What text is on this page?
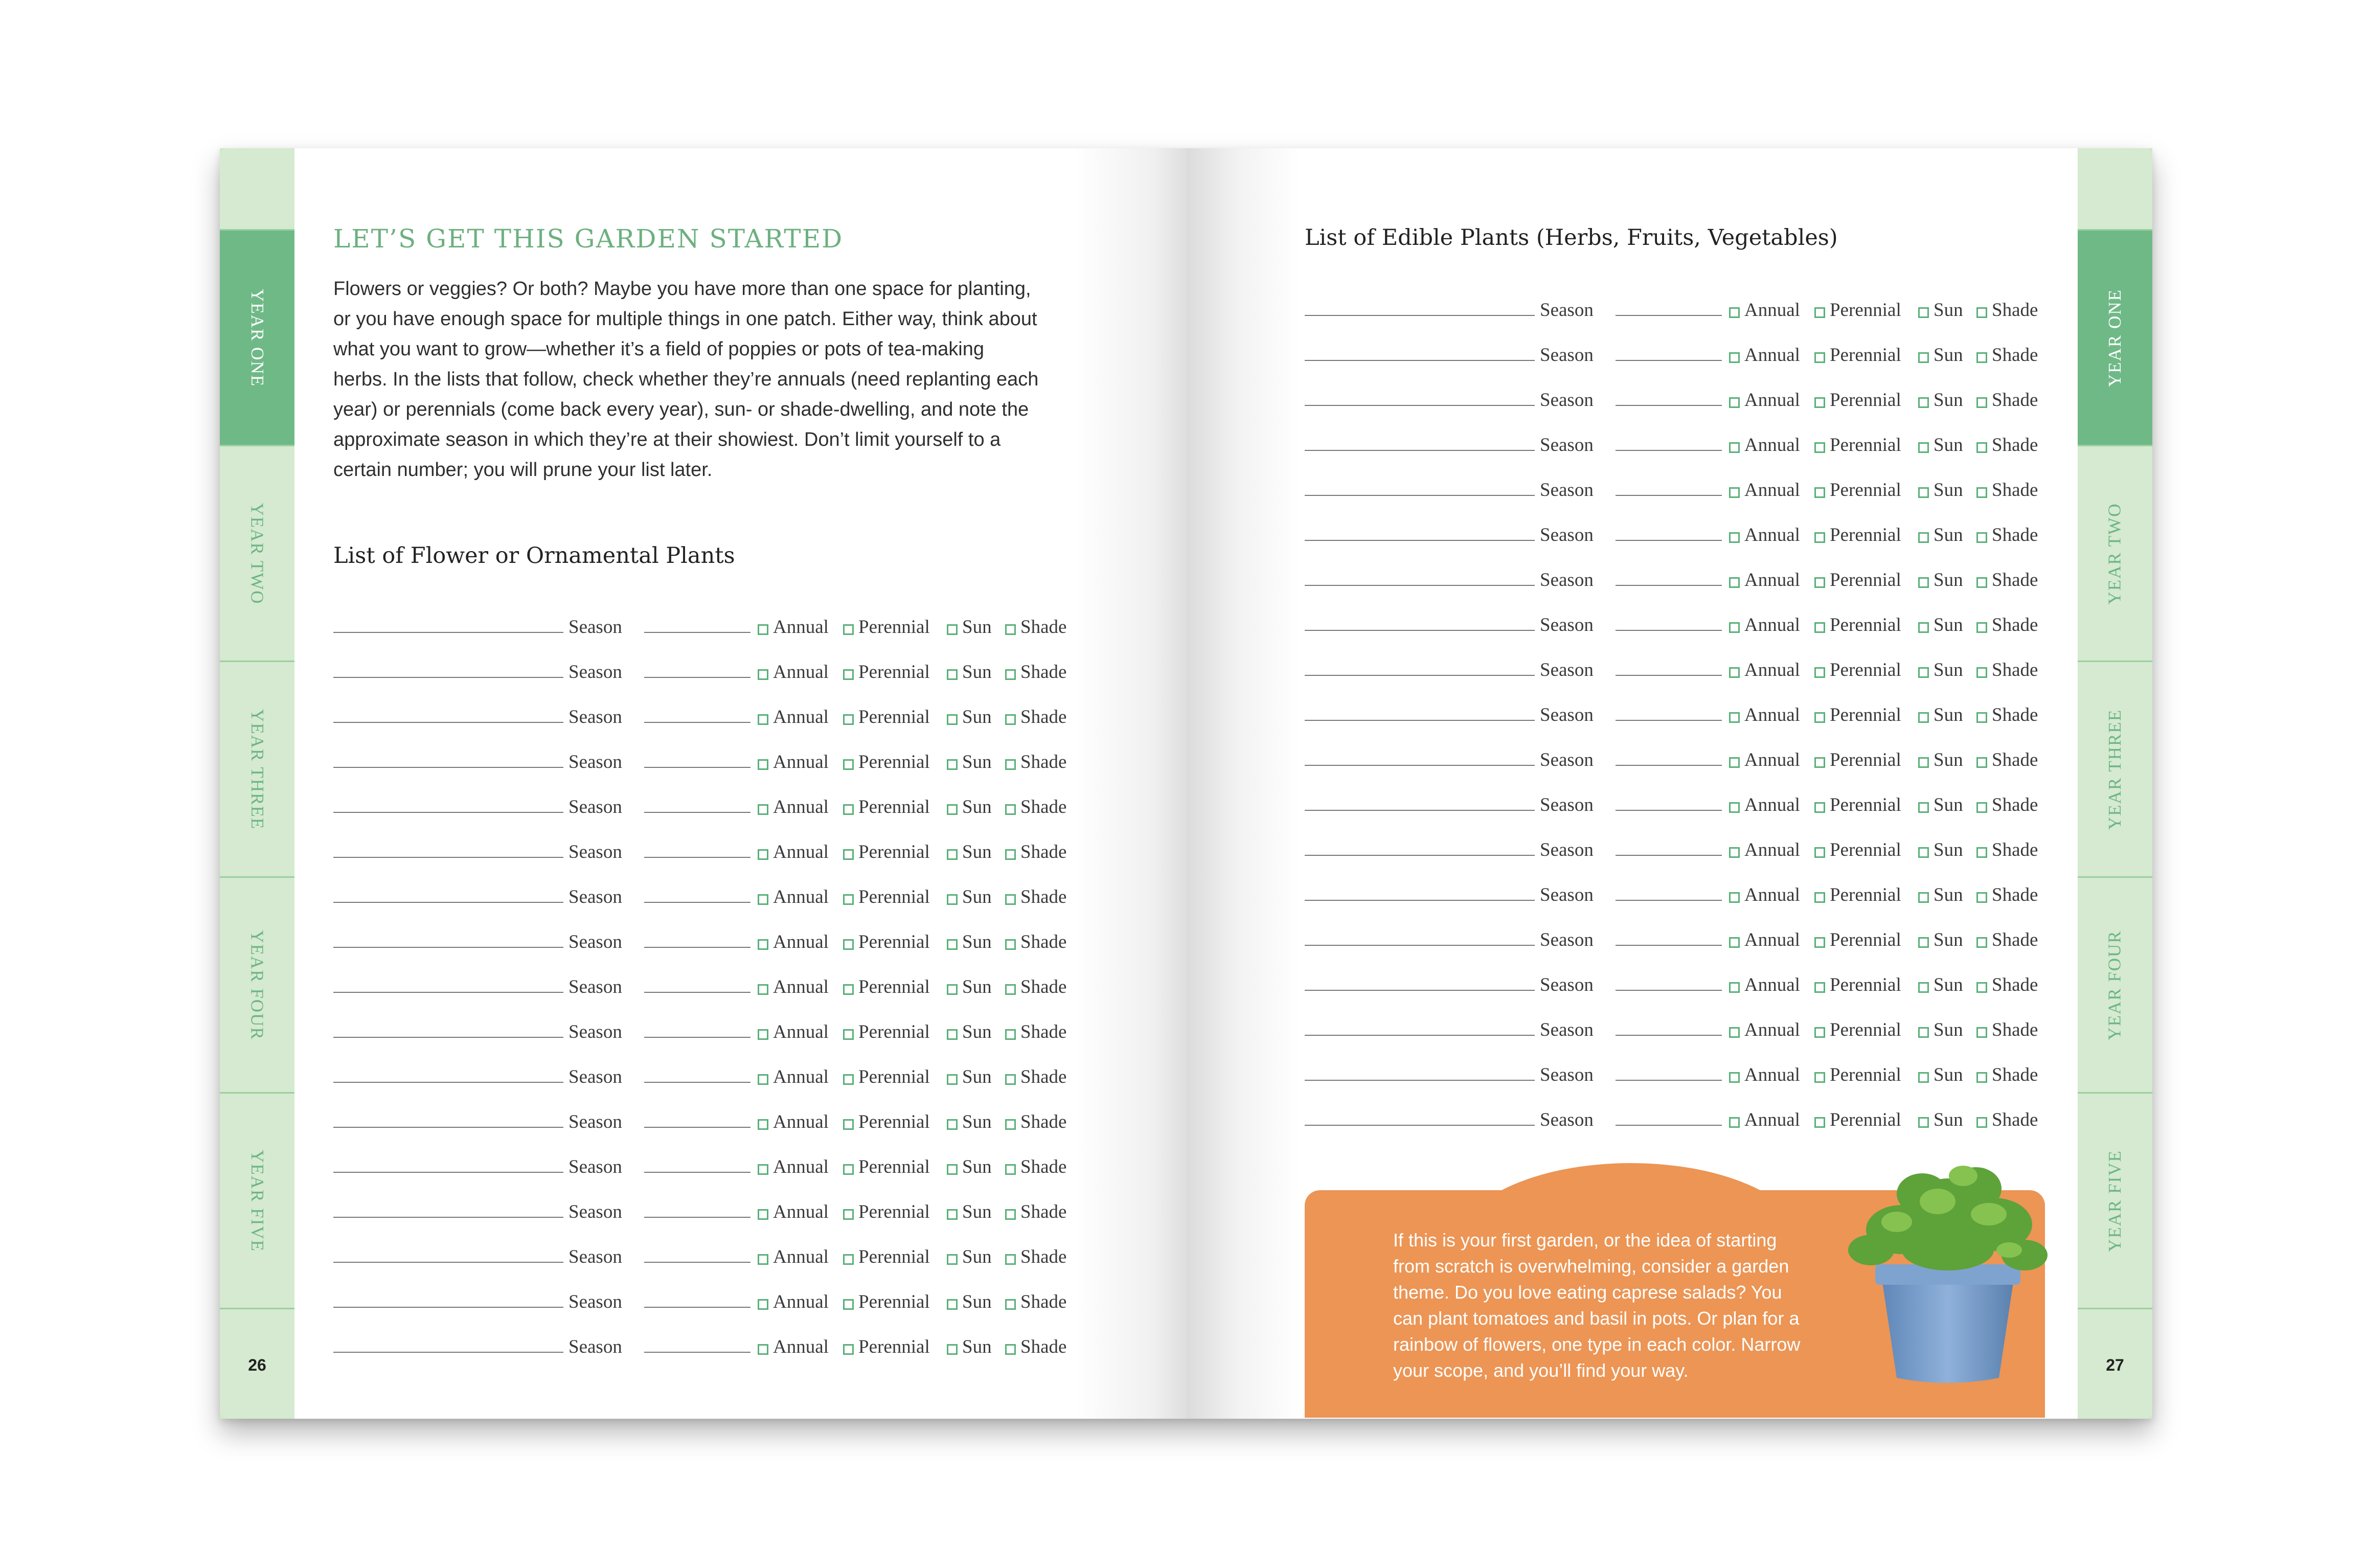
YEAR ONE
YEAR TWO
YEAR THREE
YEAR FOUR
YEAR FIVE
26
YEAR ONE
YEAR TWO
YEAR THREE
YEAR FOUR
YEAR FIVE
27
LET’S GET THIS GARDEN STARTED
Flowers or veggies? Or both? Maybe you have more than one space for planting,
or you have enough space for multiple things in one patch. Either way, think about
what you want to grow—whether it’s a field of poppies or pots of tea-making
herbs. In the lists that follow, check whether they’re annuals (need replanting each
year) or perennials (come back every year), sun- or shade-dwelling, and note the
approximate season in which they’re at their showiest. Don’t limit yourself to a
certain number; you will prune your list later.
List of Flower or Ornamental Plants
Season	Annual Perennial Sun Shade
Season	Annual Perennial Sun Shade
Season	Annual Perennial Sun Shade
Season	Annual Perennial Sun Shade
Season	Annual Perennial Sun Shade
Season	Annual Perennial Sun Shade
Season	Annual Perennial Sun Shade
Season	Annual Perennial Sun Shade
Season	Annual Perennial Sun Shade
Season	Annual Perennial Sun Shade
Season	Annual Perennial Sun Shade
Season	Annual Perennial Sun Shade
Season	Annual Perennial Sun Shade
Season	Annual Perennial Sun Shade
Season	Annual Perennial Sun Shade
Season	Annual Perennial Sun Shade
Season	Annual Perennial Sun Shade
List of Edible Plants (Herbs, Fruits, Vegetables)
Season	Annual Perennial Sun Shade
Season	Annual Perennial Sun Shade
Season	Annual Perennial Sun Shade
Season	Annual Perennial Sun Shade
Season	Annual Perennial Sun Shade
Season	Annual Perennial Sun Shade
Season	Annual Perennial Sun Shade
Season	Annual Perennial Sun Shade
Season	Annual Perennial Sun Shade
Season	Annual Perennial Sun Shade
Season	Annual Perennial Sun Shade
Season	Annual Perennial Sun Shade
Season	Annual Perennial Sun Shade
Season	Annual Perennial Sun Shade
Season	Annual Perennial Sun Shade
Season	Annual Perennial Sun Shade
Season	Annual Perennial Sun Shade
Season	Annual Perennial Sun Shade
Season	Annual Perennial Sun Shade
If this is your first garden, or the idea of starting
from scratch is overwhelming, consider a garden
theme. Do you love eating caprese salads? You
can plant tomatoes and basil in pots. Or plan for a
rainbow of flowers, one type in each color. Narrow
your scope, and you’ll find your way.
